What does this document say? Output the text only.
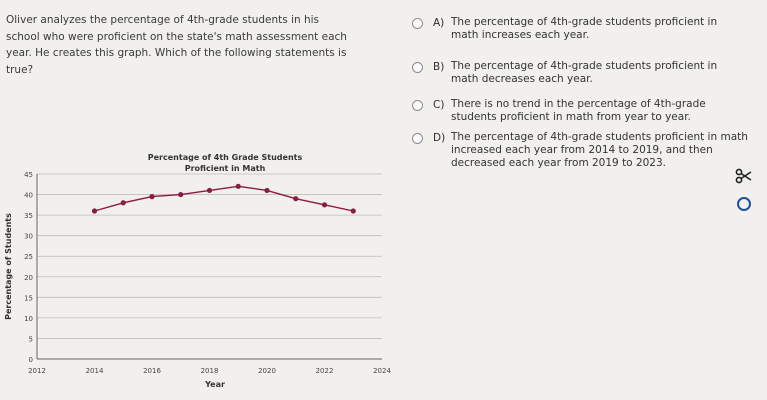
Oliver analyzes the percentage of 4th-grade students in his school who were proficient on the state's math assessment each year. He creates this graph. Which of the following statements is true?
Percentage of 4th Grade Students
Proficient in Math
0
5
10
15
20
25
30
35
40
45
2012	2014	2016	2018	2020	2022	2024
Year
Percentage of Students
A) The percentage of 4th-grade students proficient in math increases each year.
B) The percentage of 4th-grade students proficient in math decreases each year.
C) There is no trend in the percentage of 4th-grade students proficient in math from year to year.
D) The percentage of 4th-grade students proficient in math increased each year from 2014 to 2019, and then decreased each year from 2019 to 2023.
